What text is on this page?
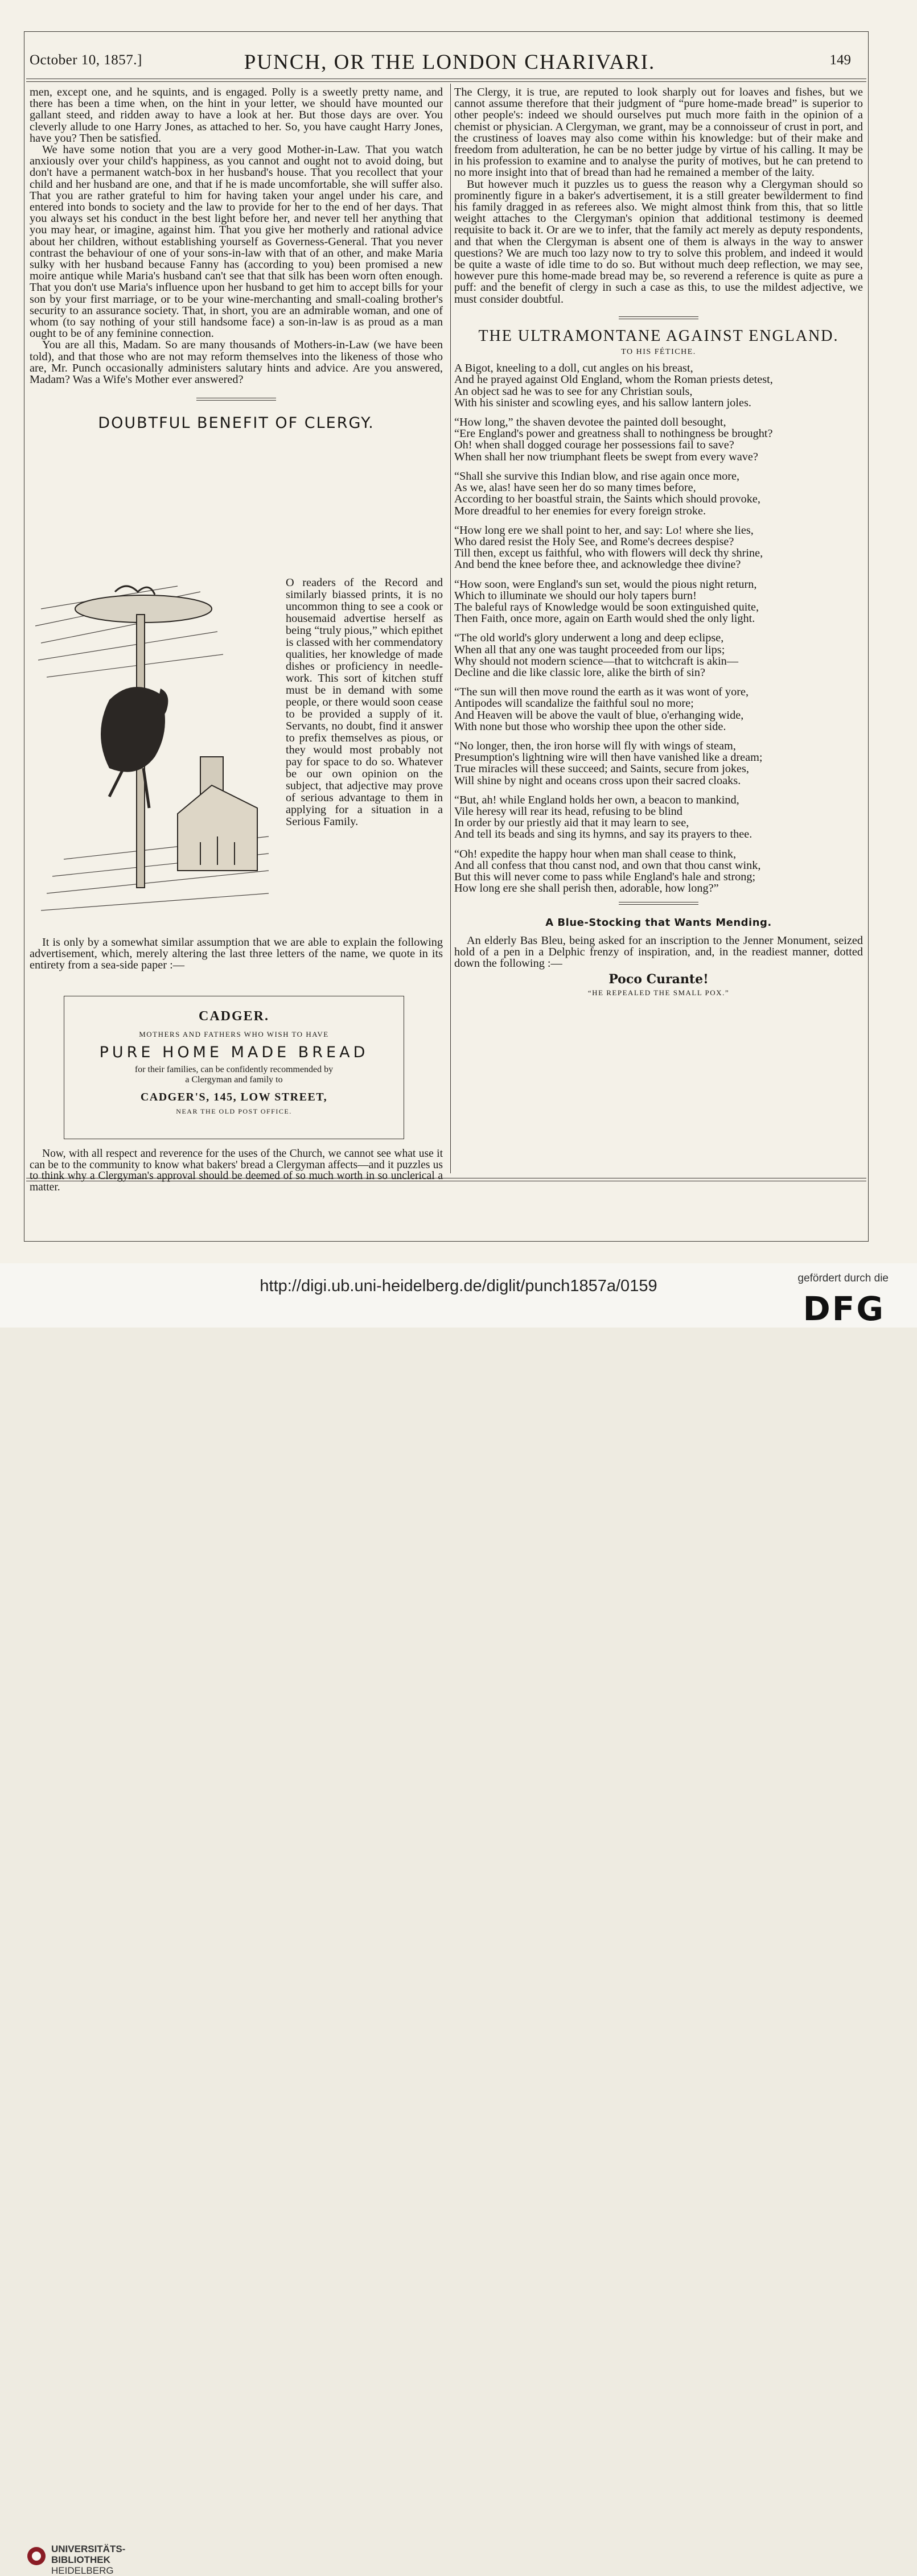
October 10, 1857.]	PUNCH, OR THE LONDON CHARIVARI.	149

men, except one, and he squints, and is engaged. Polly is a sweetly pretty name, and there has been a time when, on the hint in your letter, we should have mounted our gallant steed, and ridden away to have a look at her. But those days are over. You cleverly allude to one Harry Jones, as attached to her. So, you have caught Harry Jones, have you? Then be satisfied.

We have some notion that you are a very good Mother-in-Law. That you watch anxiously over your child's happiness, as you cannot and ought not to avoid doing, but don't have a permanent watch-box in her husband's house. That you recollect that your child and her husband are one, and that if he is made uncomfortable, she will suffer also. That you are rather grateful to him for having taken your angel under his care, and entered into bonds to society and the law to provide for her to the end of her days. That you always set his conduct in the best light before her, and never tell her anything that you may hear, or imagine, against him. That you give her motherly and rational advice about her children, without establishing yourself as Governess-General. That you never contrast the behaviour of one of your sons-in-law with that of an other, and make Maria sulky with her husband because Fanny has (according to you) been promised a new moire antique while Maria's husband can't see that that silk has been worn often enough. That you don't use Maria's influence upon her husband to get him to accept bills for your son by your first marriage, or to be your wine-merchanting and small-coaling brother's security to an assurance society. That, in short, you are an admirable woman, and one of whom (to say nothing of your still handsome face) a son-in-law is as proud as a man ought to be of any feminine connection.

You are all this, Madam. So are many thousands of Mothers-in-Law (we have been told), and that those who are not may reform themselves into the likeness of those who are, Mr. Punch occasionally administers salutary hints and advice. Are you answered, Madam? Was a Wife's Mother ever answered?

DOUBTFUL BENEFIT OF CLERGY.

O readers of the Record and similarly biassed prints, it is no uncommon thing to see a cook or housemaid advertise herself as being “truly pious,” which epithet is classed with her commendatory qualities, her knowledge of made dishes or proficiency in needle-work. This sort of kitchen stuff must be in demand with some people, or there would soon cease to be provided a supply of it. Servants, no doubt, find it answer to prefix themselves as pious, or they would most probably not pay for space to do so. Whatever be our own opinion on the subject, that adjective may prove of serious advantage to them in applying for a situation in a Serious Family.

It is only by a somewhat similar assumption that we are able to explain the following advertisement, which, merely altering the last three letters of the name, we quote in its entirety from a sea-side paper :—

CADGER.
MOTHERS AND FATHERS WHO WISH TO HAVE
PURE HOME MADE BREAD
for their families, can be confidently recommended by
a Clergyman and family to
CADGER'S, 145, LOW STREET,
NEAR THE OLD POST OFFICE.

Now, with all respect and reverence for the uses of the Church, we cannot see what use it can be to the community to know what bakers' bread a Clergyman affects—and it puzzles us to think why a Clergyman's approval should be deemed of so much worth in so unclerical a matter.

The Clergy, it is true, are reputed to look sharply out for loaves and fishes, but we cannot assume therefore that their judgment of “pure home-made bread” is superior to other people's: indeed we should ourselves put much more faith in the opinion of a chemist or physician. A Clergyman, we grant, may be a connoisseur of crust in port, and the crustiness of loaves may also come within his knowledge: but of their make and freedom from adulteration, he can be no better judge by virtue of his calling. It may be in his profession to examine and to analyse the purity of motives, but he can pretend to no more insight into that of bread than had he remained a member of the laity.

But however much it puzzles us to guess the reason why a Clergyman should so prominently figure in a baker's advertisement, it is a still greater bewilderment to find his family dragged in as referees also. We might almost think from this, that so little weight attaches to the Clergyman's opinion that additional testimony is deemed requisite to back it. Or are we to infer, that the family act merely as deputy respondents, and that when the Clergyman is absent one of them is always in the way to answer questions? We are much too lazy now to try to solve this problem, and indeed it would be quite a waste of idle time to do so. But without much deep reflection, we may see, however pure this home-made bread may be, so reverend a reference is quite as pure a puff: and the benefit of clergy in such a case as this, to use the mildest adjective, we must consider doubtful.

THE ULTRAMONTANE AGAINST ENGLAND.
TO HIS FÉTICHE.
A Bigot, kneeling to a doll, cut angles on his breast,
And he prayed against Old England, whom the Roman priests detest,
An object sad he was to see for any Christian souls,
With his sinister and scowling eyes, and his sallow lantern joles.
“How long,” the shaven devotee the painted doll besought,
“Ere England's power and greatness shall to nothingness be brought?
Oh! when shall dogged courage her possessions fail to save?
When shall her now triumphant fleets be swept from every wave?
“Shall she survive this Indian blow, and rise again once more,
As we, alas! have seen her do so many times before,
According to her boastful strain, the Saints which should provoke,
More dreadful to her enemies for every foreign stroke.
“How long ere we shall point to her, and say: Lo! where she lies,
Who dared resist the Holy See, and Rome's decrees despise?
Till then, except us faithful, who with flowers will deck thy shrine,
And bend the knee before thee, and acknowledge thee divine?
“How soon, were England's sun set, would the pious night return,
Which to illuminate we should our holy tapers burn!
The baleful rays of Knowledge would be soon extinguished quite,
Then Faith, once more, again on Earth would shed the only light.
“The old world's glory underwent a long and deep eclipse,
When all that any one was taught proceeded from our lips;
Why should not modern science—that to witchcraft is akin—
Decline and die like classic lore, alike the birth of sin?
“The sun will then move round the earth as it was wont of yore,
Antipodes will scandalize the faithful soul no more;
And Heaven will be above the vault of blue, o'erhanging wide,
With none but those who worship thee upon the other side.
“No longer, then, the iron horse will fly with wings of steam,
Presumption's lightning wire will then have vanished like a dream;
True miracles will these succeed; and Saints, secure from jokes,
Will shine by night and oceans cross upon their sacred cloaks.
“But, ah! while England holds her own, a beacon to mankind,
Vile heresy will rear its head, refusing to be blind
In order by our priestly aid that it may learn to see,
And tell its beads and sing its hymns, and say its prayers to thee.
“Oh! expedite the happy hour when man shall cease to think,
And all confess that thou canst nod, and own that thou canst wink,
But this will never come to pass while England's hale and strong;
How long ere she shall perish then, adorable, how long?”
A Blue-Stocking that Wants Mending.

An elderly Bas Bleu, being asked for an inscription to the Jenner Monument, seized hold of a pen in a Delphic frenzy of inspiration, and, in the readiest manner, dotted down the following :—

Poco Curante!
“HE REPEALED THE SMALL POX.”
UNIVERSITÄTS-
BIBLIOTHEK
HEIDELBERG
http://digi.ub.uni-heidelberg.de/diglit/punch1857a/0159	gefördert durch die
DFG
